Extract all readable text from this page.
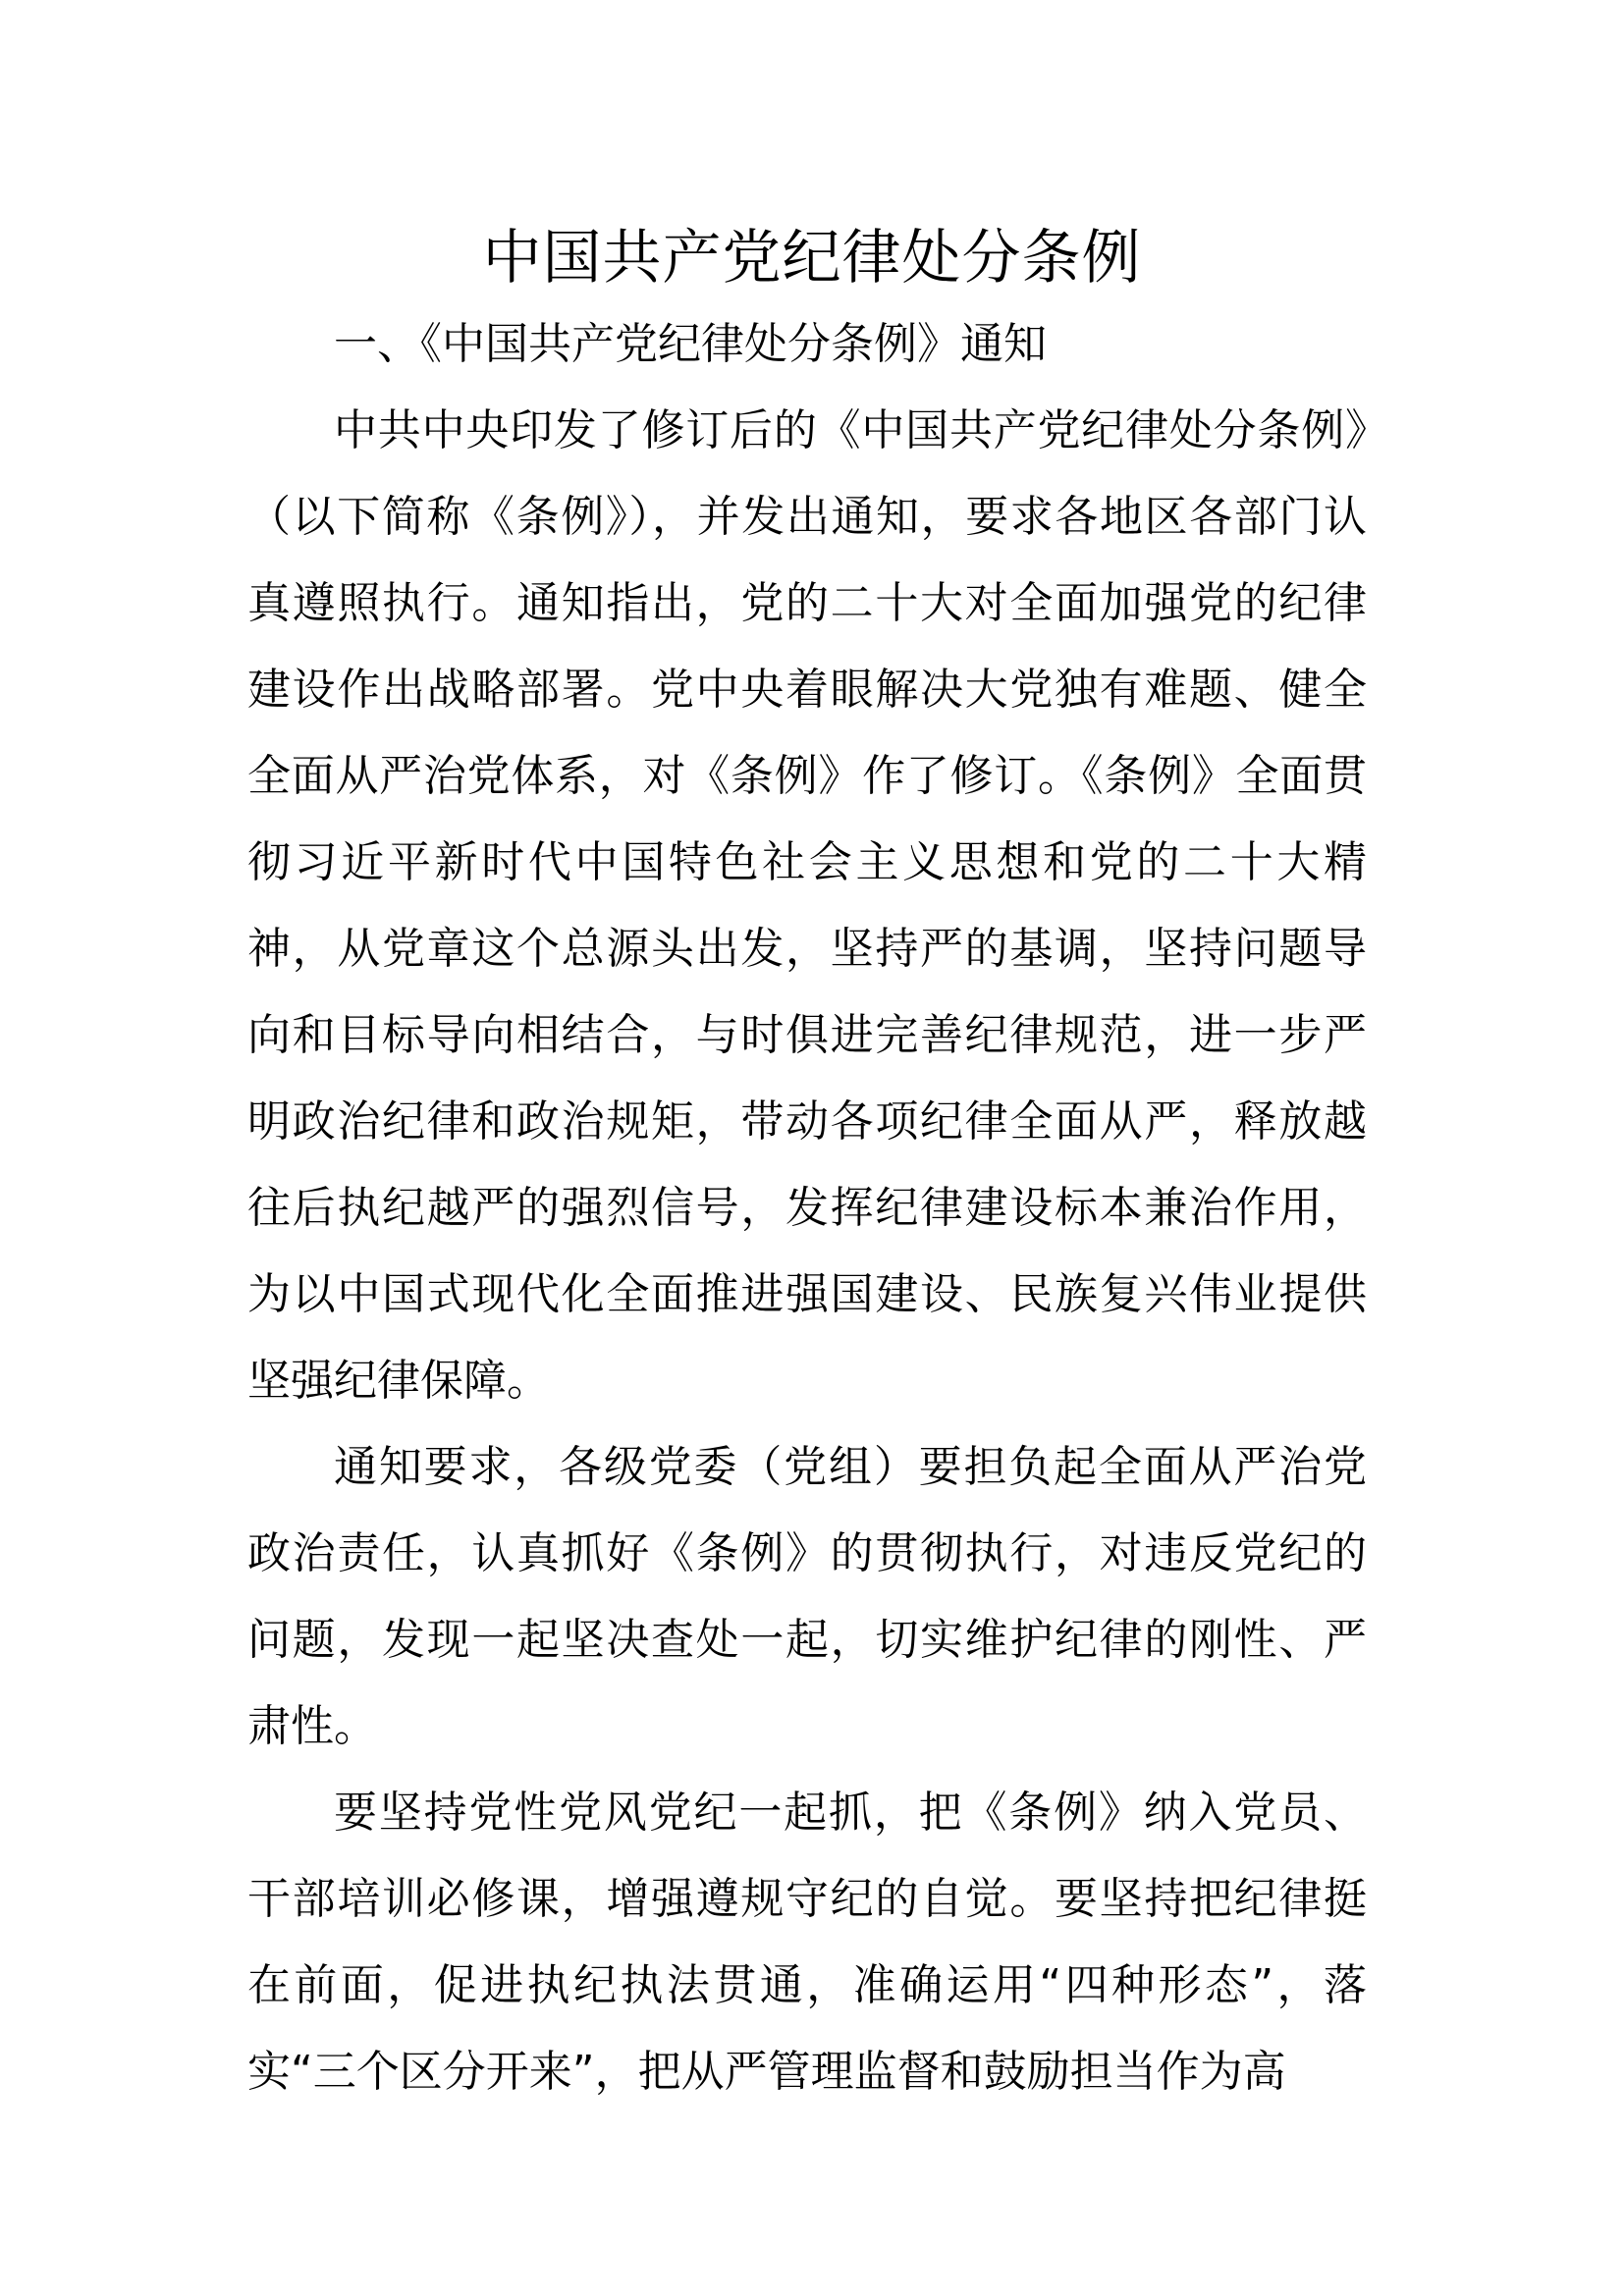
中国共产党纪律处分条例

一、《中国共产党纪律处分条例》通知

中共中央印发了修订后的《中国共产党纪律处分条例》（以下简称《条例》），并发出通知，要求各地区各部门认真遵照执行。通知指出，党的二十大对全面加强党的纪律建设作出战略部署。党中央着眼解决大党独有难题、健全全面从严治党体系，对《条例》作了修订。《条例》全面贯彻习近平新时代中国特色社会主义思想和党的二十大精神，从党章这个总源头出发，坚持严的基调，坚持问题导向和目标导向相结合，与时俱进完善纪律规范，进一步严明政治纪律和政治规矩，带动各项纪律全面从严，释放越往后执纪越严的强烈信号，发挥纪律建设标本兼治作用，为以中国式现代化全面推进强国建设、民族复兴伟业提供坚强纪律保障。

通知要求，各级党委（党组）要担负起全面从严治党政治责任，认真抓好《条例》的贯彻执行，对违反党纪的问题，发现一起坚决查处一起，切实维护纪律的刚性、严肃性。

要坚持党性党风党纪一起抓，把《条例》纳入党员、干部培训必修课，增强遵规守纪的自觉。要坚持把纪律挺在前面，促进执纪执法贯通，准确运用“四种形态”，落实“三个区分开来”，把从严管理监督和鼓励担当作为高
